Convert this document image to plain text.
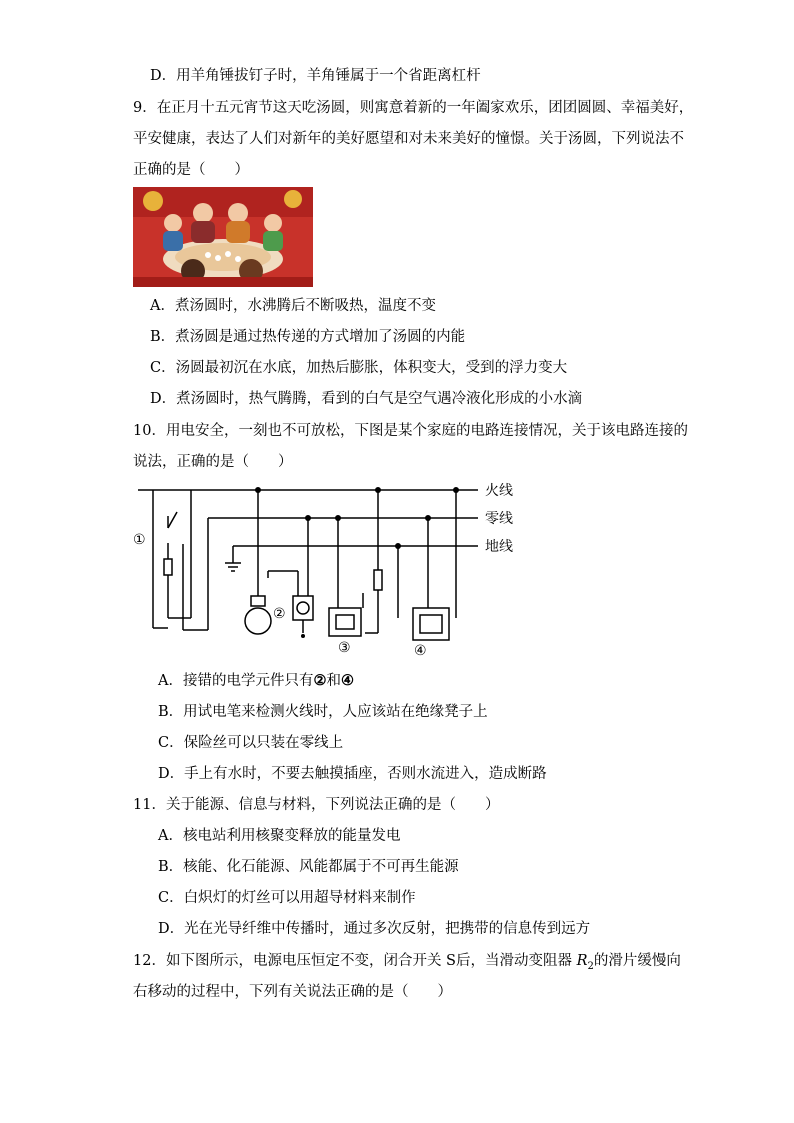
D．用羊角锤拔钉子时，羊角锤属于一个省距离杠杆
9．在正月十五元宵节这天吃汤圆，则寓意着新的一年阖家欢乐，团团圆圆、幸福美好，
平安健康，表达了人们对新年的美好愿望和对未来美好的憧憬。关于汤圆，下列说法不
正确的是（　　）
A．煮汤圆时，水沸腾后不断吸热，温度不变
B．煮汤圆是通过热传递的方式增加了汤圆的内能
C．汤圆最初沉在水底，加热后膨胀，体积变大，受到的浮力变大
D．煮汤圆时，热气腾腾，看到的白气是空气遇冷液化形成的小水滴
10．用电安全，一刻也不可放松，下图是某个家庭的电路连接情况，关于该电路连接的
说法，正确的是（　　）
火线
零线
地线
①
②
③	④
A．接错的电学元件只有②和④
B．用试电笔来检测火线时，人应该站在绝缘凳子上
C．保险丝可以只装在零线上
D．手上有水时，不要去触摸插座，否则水流进入，造成断路
11．关于能源、信息与材料，下列说法正确的是（　　）
A．核电站利用核聚变释放的能量发电
B．核能、化石能源、风能都属于不可再生能源
C．白炽灯的灯丝可以用超导材料来制作
D．光在光导纤维中传播时，通过多次反射，把携带的信息传到远方
12．如下图所示，电源电压恒定不变，闭合开关 S后，当滑动变阻器 $R_2$的滑片缓慢向
右移动的过程中，下列有关说法正确的是（　　）
